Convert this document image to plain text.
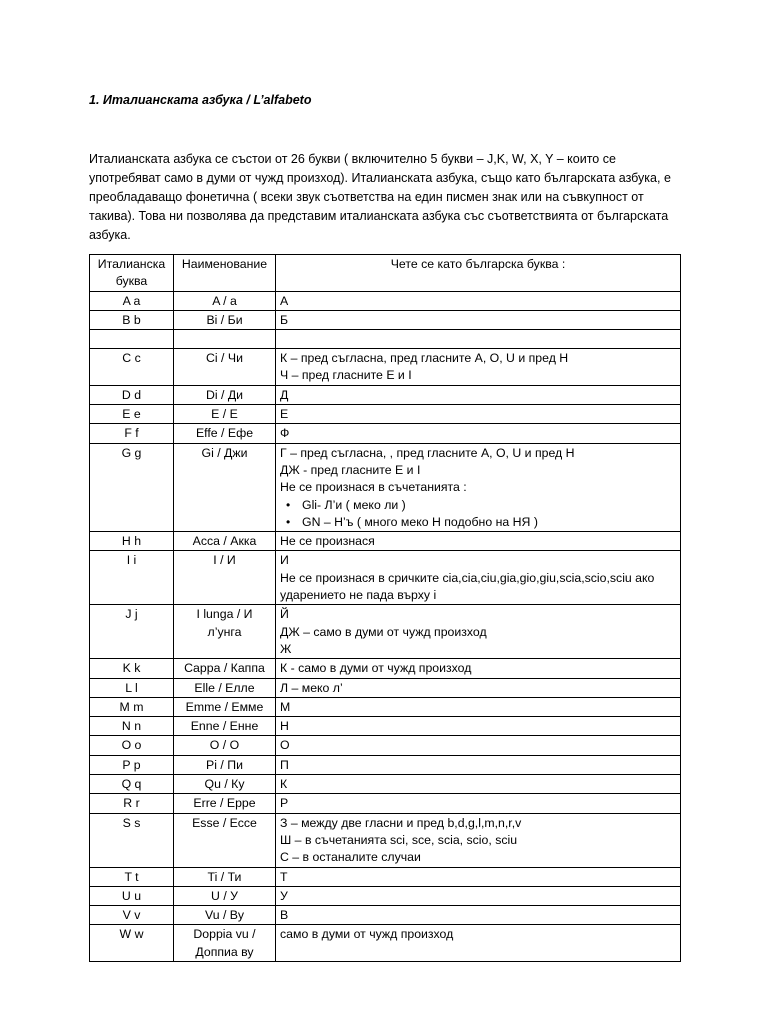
1. Италианската азбука / L’alfabeto
Италианската азбука се състои от 26 букви ( включително 5 букви – J,K, W, X, Y – които се употребяват само в думи от чужд произход). Италианската азбука, също като българската азбука, е преобладаващо фонетична ( всеки звук съответства на един писмен знак или на съвкупност от такива). Това ни позволява да представим италианската азбука със съответствията от българската азбука.
Италианска буква	Наименование	Чете се като българска буква :
A a	A / a	А

B b	Bi / Би	Б

C c	Ci / Чи	К – пред съгласна, пред гласните A, O, U и пред H
Ч – пред гласните E и I

D d	Di / Ди	Д

E e	E / E	Е

F f	Effe / Ефе	Ф

G g	Gi / Джи	Г – пред съгласна, , пред гласните A, O, U и пред H
ДЖ - пред гласните E и I
Не се произнася в съчетанията :
• Gli- Л’и ( меко ли )
• GN – Н’ъ ( много меко Н подобно на НЯ )

H h	Acca / Акка	Не се произнася

I i	I / И	И
Не се произнася в сричките cia,cia,ciu,gia,gio,giu,scia,scio,sciu ако ударението не пада върху i

J j	I lunga / И л’унга	Й
ДЖ – само в думи от чужд произход
Ж

K k	Cappa / Каппа	К - само в думи от чужд произход

L l	Elle / Елле	Л – меко л’

M m	Emme / Емме	М

N n	Enne / Енне	Н

O o	O / O	О

P p	Pi / Пи	П

Q q	Qu / Ку	К

R r	Erre / Ерре	Р

S s	Esse / Ессе	З – между две гласни и пред b,d,g,l,m,n,r,v
Ш – в съчетанията sci, sce, scia, scio, sciu
С – в останалите случаи

T t	Ti / Ти	Т

U u	U / У	У

V v	Vu / Ву	В

W w	Doppia vu / Доппиа ву	само в думи от чужд произход
